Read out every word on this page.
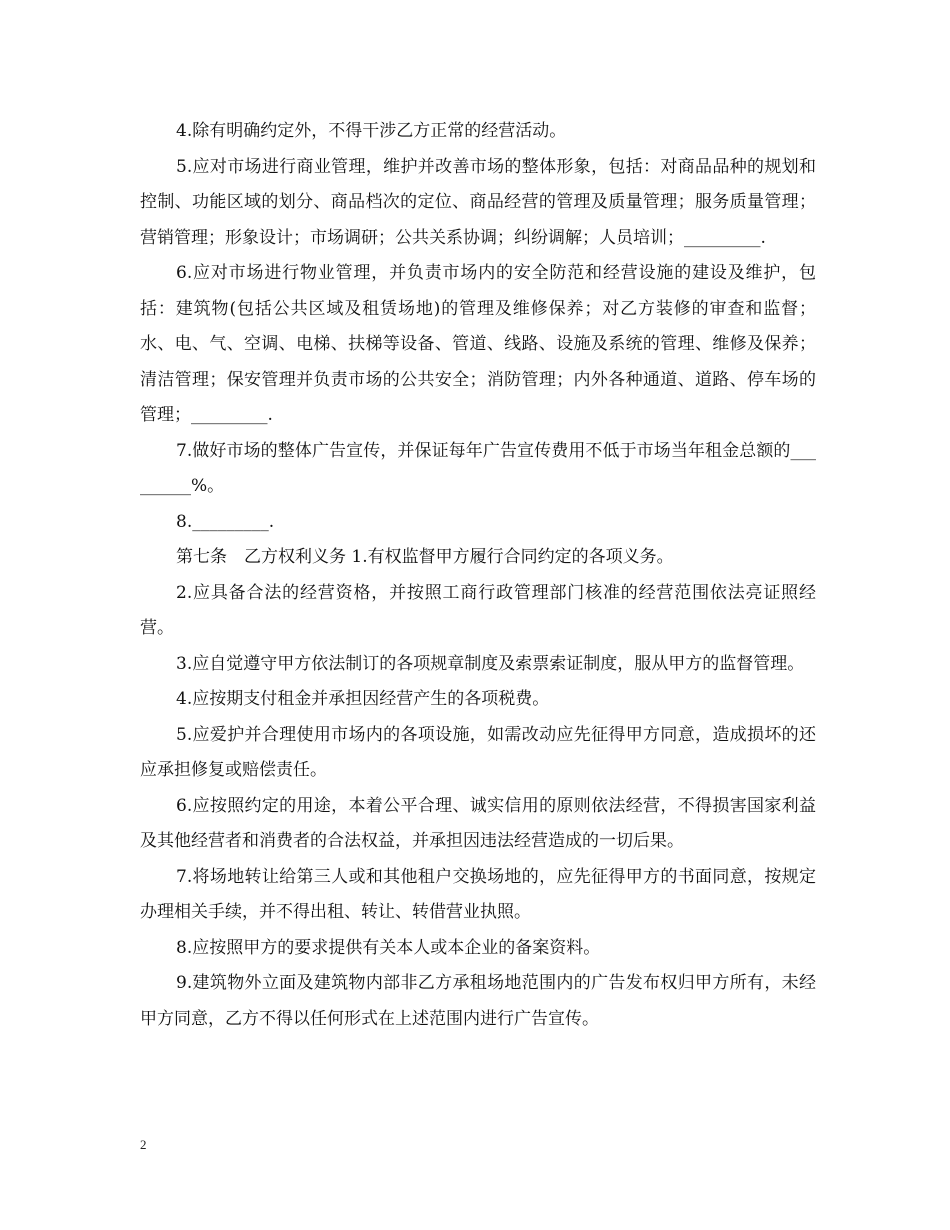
4.除有明确约定外，不得干涉乙方正常的经营活动。

5.应对市场进行商业管理，维护并改善市场的整体形象，包括：对商品品种的规划和控制、功能区域的划分、商品档次的定位、商品经营的管理及质量管理；服务质量管理；营销管理；形象设计；市场调研；公共关系协调；纠纷调解；人员培训；_________.

6.应对市场进行物业管理，并负责市场内的安全防范和经营设施的建设及维护，包括：建筑物(包括公共区域及租赁场地)的管理及维修保养；对乙方装修的审查和监督；水、电、气、空调、电梯、扶梯等设备、管道、线路、设施及系统的管理、维修及保养；清洁管理；保安管理并负责市场的公共安全；消防管理；内外各种通道、道路、停车场的管理；_________.

7.做好市场的整体广告宣传，并保证每年广告宣传费用不低于市场当年租金总额的_________%。

8._________.

第七条　乙方权利义务 1.有权监督甲方履行合同约定的各项义务。

2.应具备合法的经营资格，并按照工商行政管理部门核准的经营范围依法亮证照经营。

3.应自觉遵守甲方依法制订的各项规章制度及索票索证制度，服从甲方的监督管理。

4.应按期支付租金并承担因经营产生的各项税费。

5.应爱护并合理使用市场内的各项设施，如需改动应先征得甲方同意，造成损坏的还应承担修复或赔偿责任。

6.应按照约定的用途，本着公平合理、诚实信用的原则依法经营，不得损害国家利益及其他经营者和消费者的合法权益，并承担因违法经营造成的一切后果。

7.将场地转让给第三人或和其他租户交换场地的，应先征得甲方的书面同意，按规定办理相关手续，并不得出租、转让、转借营业执照。

8.应按照甲方的要求提供有关本人或本企业的备案资料。

9.建筑物外立面及建筑物内部非乙方承租场地范围内的广告发布权归甲方所有，未经甲方同意，乙方不得以任何形式在上述范围内进行广告宣传。

2
